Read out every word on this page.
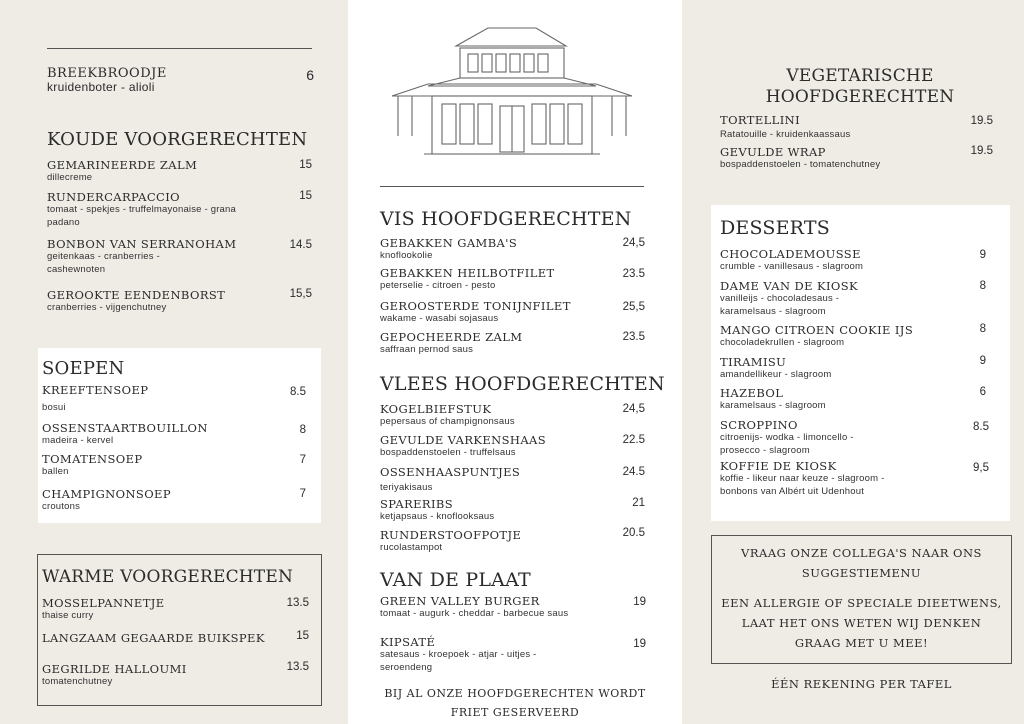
BREEKBROODJE
kruidenboter - alioli
6
KOUDE VOORGERECHTEN
GEMARINEERDE ZALM
dillecreme
15
RUNDERCARPACCIO
tomaat - spekjes - truffelmayonaise - grana padano
15
BONBON VAN SERRANOHAM
geitenkaas - cranberries - cashewnoten
14.5
GEROOKTE EENDENBORST
cranberries - vijgenchutney
15,5
SOEPEN
KREEFTENSOEP
bosui
8.5
OSSENSTAARTBOUILLON
madeira - kervel
8
TOMATENSOEP
ballen
7
CHAMPIGNONSOEP
croutons
7
WARME VOORGERECHTEN
MOSSELPANNETJE
thaise curry
13.5
LANGZAAM GEGAARDE BUIKSPEK	15
GEGRILDE HALLOUMI
tomatenchutney
13.5
VIS HOOFDGERECHTEN
GEBAKKEN GAMBA'S
knoflookolie
24,5
GEBAKKEN HEILBOTFILET
peterselie - citroen - pesto
23.5
GEROOSTERDE TONIJNFILET
wakame - wasabi sojasaus
25,5
GEPOCHEERDE ZALM
saffraan pernod saus
23.5
VLEES HOOFDGERECHTEN
KOGELBIEFSTUK
pepersaus of champignonsaus
24,5
GEVULDE VARKENSHAAS
bospaddenstoelen - truffelsaus
22.5
OSSENHAASPUNTJES
teriyakisaus
24.5
SPARERIBS
ketjapsaus - knoflooksaus
21
RUNDERSTOOFPOTJE
rucolastampot
20.5
VAN DE PLAAT
GREEN VALLEY BURGER
tomaat - augurk - cheddar - barbecue saus
19
KIPSATÉ
satesaus - kroepoek - atjar - uitjes - seroendeng
19
BIJ AL ONZE HOOFDGERECHTEN WORDT
FRIET GESERVEERD
VEGETARISCHE
HOOFDGERECHTEN
TORTELLINI
Ratatouille - kruidenkaassaus
19.5
GEVULDE WRAP
bospaddenstoelen - tomatenchutney
19.5
DESSERTS
CHOCOLADEMOUSSE
crumble - vanillesaus - slagroom
9
DAME VAN DE KIOSK
vanilleijs - chocoladesaus - karamelsaus - slagroom
8
MANGO CITROEN COOKIE IJS
chocoladekrullen - slagroom
8
TIRAMISU
amandellikeur - slagroom
9
HAZEBOL
karamelsaus - slagroom
6
SCROPPINO
citroenijs- wodka - limoncello - prosecco - slagroom
8.5
KOFFIE DE KIOSK
koffie - likeur naar keuze - slagroom - bonbons van Albért uit Udenhout
9,5
VRAAG ONZE COLLEGA'S NAAR ONS
SUGGESTIEMENU
EEN ALLERGIE OF SPECIALE DIEETWENS,
LAAT HET ONS WETEN WIJ DENKEN
GRAAG MET U MEE!
ÉÉN REKENING PER TAFEL
